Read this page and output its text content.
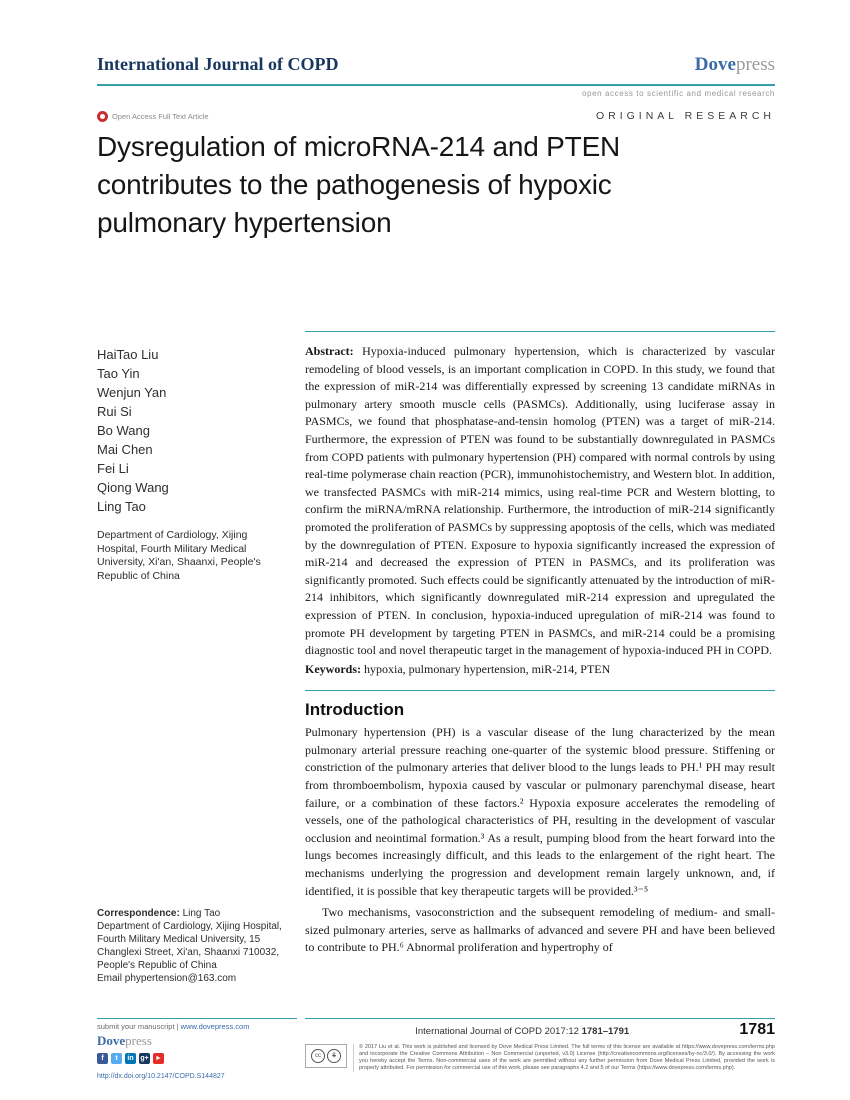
International Journal of COPD	Dovepress
open access to scientific and medical research
Open Access Full Text Article	ORIGINAL RESEARCH
Dysregulation of microRNA-214 and PTEN contributes to the pathogenesis of hypoxic pulmonary hypertension
HaiTao Liu
Tao Yin
Wenjun Yan
Rui Si
Bo Wang
Mai Chen
Fei Li
Qiong Wang
Ling Tao
Department of Cardiology, Xijing Hospital, Fourth Military Medical University, Xi'an, Shaanxi, People's Republic of China
Correspondence: Ling Tao
Department of Cardiology, Xijing Hospital, Fourth Military Medical University, 15 Changlexi Street, Xi'an, Shaanxi 710032, People's Republic of China
Email phypertension@163.com

Abstract: Hypoxia-induced pulmonary hypertension, which is characterized by vascular remodeling of blood vessels, is an important complication in COPD. In this study, we found that the expression of miR-214 was differentially expressed by screening 13 candidate miRNAs in pulmonary artery smooth muscle cells (PASMCs). Additionally, using luciferase assay in PASMCs, we found that phosphatase-and-tensin homolog (PTEN) was a target of miR-214. Furthermore, the expression of PTEN was found to be substantially downregulated in PASMCs from COPD patients with pulmonary hypertension (PH) compared with normal controls by using real-time polymerase chain reaction (PCR), immunohistochemistry, and Western blot. In addition, we transfected PASMCs with miR-214 mimics, using real-time PCR and Western blotting, to confirm the miRNA/mRNA relationship. Furthermore, the introduction of miR-214 significantly promoted the proliferation of PASMCs by suppressing apoptosis of the cells, which was mediated by the downregulation of PTEN. Exposure to hypoxia significantly increased the expression of miR-214 and decreased the expression of PTEN in PASMCs, and its proliferation was significantly promoted. Such effects could be significantly attenuated by the introduction of miR-214 inhibitors, which significantly downregulated miR-214 expression and upregulated the expression of PTEN. In conclusion, hypoxia-induced upregulation of miR-214 was found to promote PH development by targeting PTEN in PASMCs, and miR-214 could be a promising diagnostic tool and novel therapeutic target in the management of hypoxia-induced PH in COPD.

Keywords: hypoxia, pulmonary hypertension, miR-214, PTEN

Introduction

Pulmonary hypertension (PH) is a vascular disease of the lung characterized by the mean pulmonary arterial pressure reaching one-quarter of the systemic blood pressure. Stiffening or constriction of the pulmonary arteries that deliver blood to the lungs leads to PH.¹ PH may result from thromboembolism, hypoxia caused by vascular or pulmonary parenchymal disease, heart failure, or a combination of these factors.² Hypoxia exposure accelerates the remodeling of vessels, one of the pathological characteristics of PH, resulting in the development of vascular occlusion and neointimal formation.³ As a result, pumping blood from the heart forward into the lungs becomes increasingly difficult, and this leads to the enlargement of the right heart. The mechanisms underlying the progression and development remain largely unknown, and, if identified, it is possible that key therapeutic targets will be provided.³⁻⁵

Two mechanisms, vasoconstriction and the subsequent remodeling of medium- and small-sized pulmonary arteries, serve as hallmarks of advanced and severe PH and have been believed to contribute to PH.⁶ Abnormal proliferation and hypertrophy of

submit your manuscript | www.dovepress.com
Dovepress
f	t	in g+ ►
http://dx.doi.org/10.2147/COPD.S144827
International Journal of COPD 2017:12 1781–1791	1781
cc	$
© 2017 Liu et al. This work is published and licensed by Dove Medical Press Limited. The full terms of this license are available at https://www.dovepress.com/terms.php and incorporate the Creative Commons Attribution – Non Commercial (unported, v3.0) License (http://creativecommons.org/licenses/by-nc/3.0/). By accessing the work you hereby accept the Terms. Non-commercial uses of the work are permitted without any further permission from Dove Medical Press Limited, provided the work is properly attributed. For permission for commercial use of this work, please see paragraphs 4.2 and 5 of our Terms (https://www.dovepress.com/terms.php).
